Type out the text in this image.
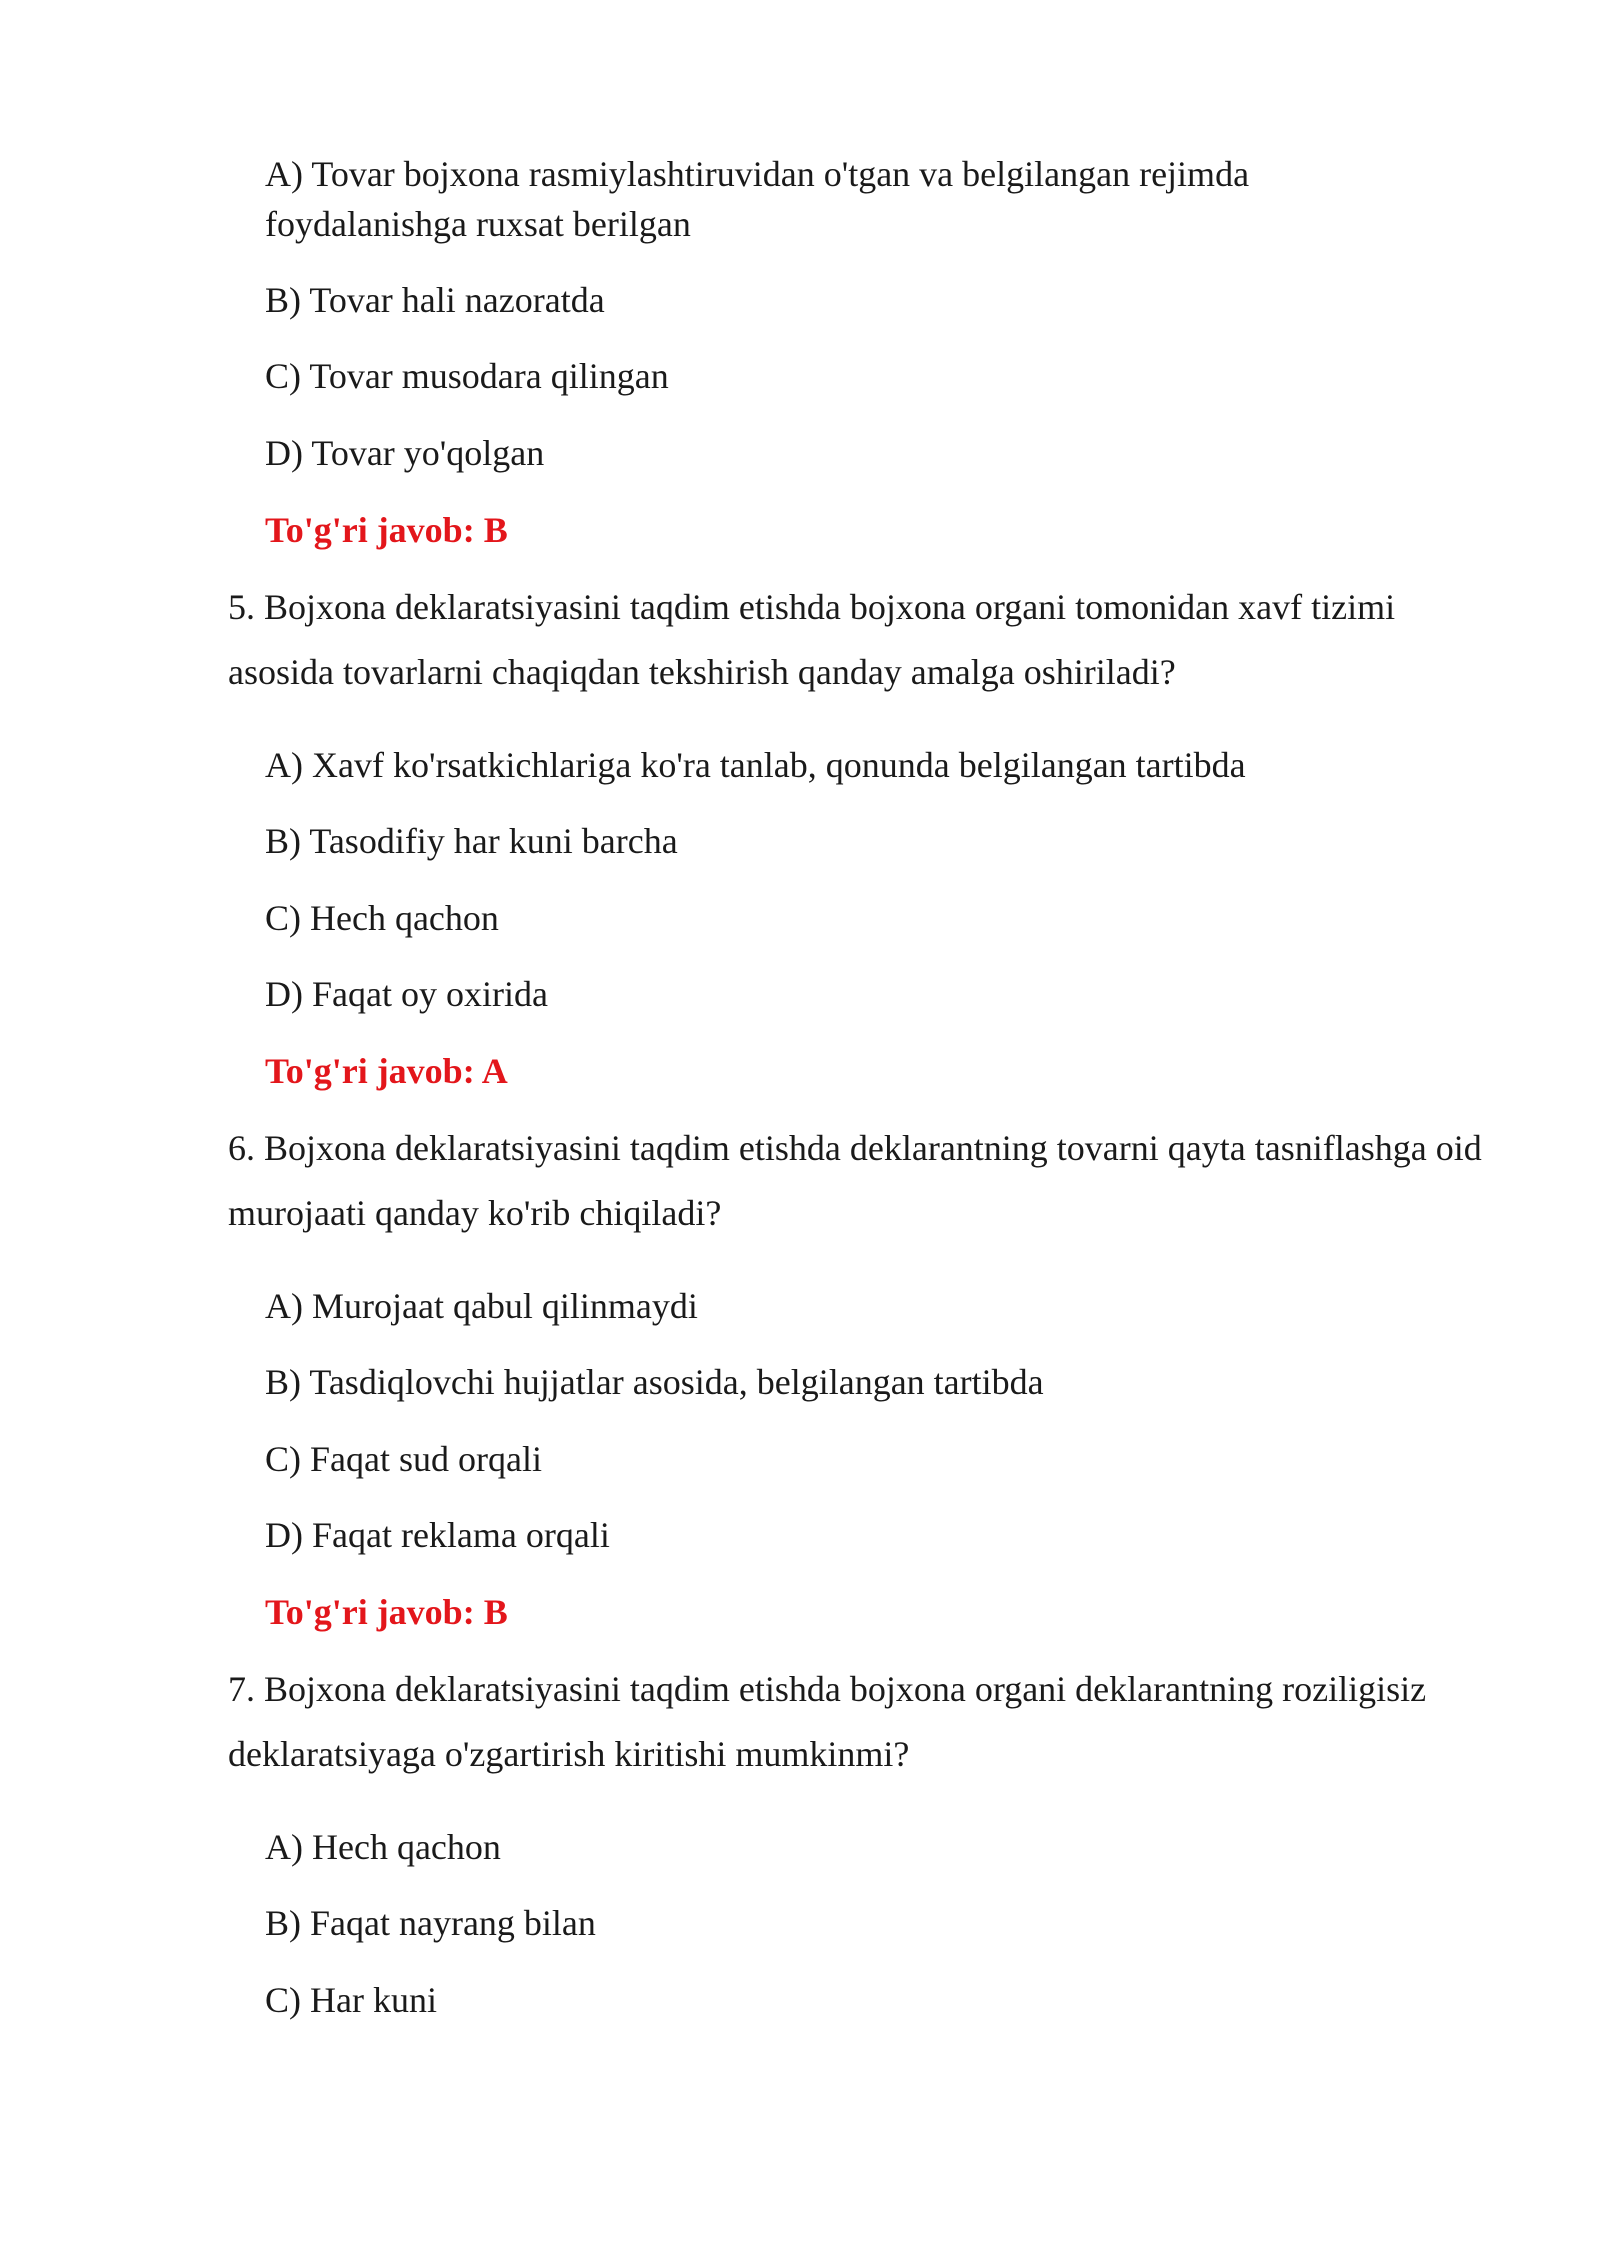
A) Tovar bojxona rasmiylashtiruvidan o'tgan va belgilangan rejimda foydalanishga ruxsat berilgan
B) Tovar hali nazoratda
C) Tovar musodara qilingan
D) Tovar yo'qolgan
To'g'ri javob: B
5. Bojxona deklaratsiyasini taqdim etishda bojxona organi tomonidan xavf tizimi asosida tovarlarni chaqiqdan tekshirish qanday amalga oshiriladi?
A) Xavf ko'rsatkichlariga ko'ra tanlab, qonunda belgilangan tartibda
B) Tasodifiy har kuni barcha
C) Hech qachon
D) Faqat oy oxirida
To'g'ri javob: A
6. Bojxona deklaratsiyasini taqdim etishda deklarantning tovarni qayta tasniflashga oid murojaati qanday ko'rib chiqiladi?
A) Murojaat qabul qilinmaydi
B) Tasdiqlovchi hujjatlar asosida, belgilangan tartibda
C) Faqat sud orqali
D) Faqat reklama orqali
To'g'ri javob: B
7. Bojxona deklaratsiyasini taqdim etishda bojxona organi deklarantning roziligisiz deklaratsiyaga o'zgartirish kiritishi mumkinmi?
A) Hech qachon
B) Faqat nayrang bilan
C) Har kuni
